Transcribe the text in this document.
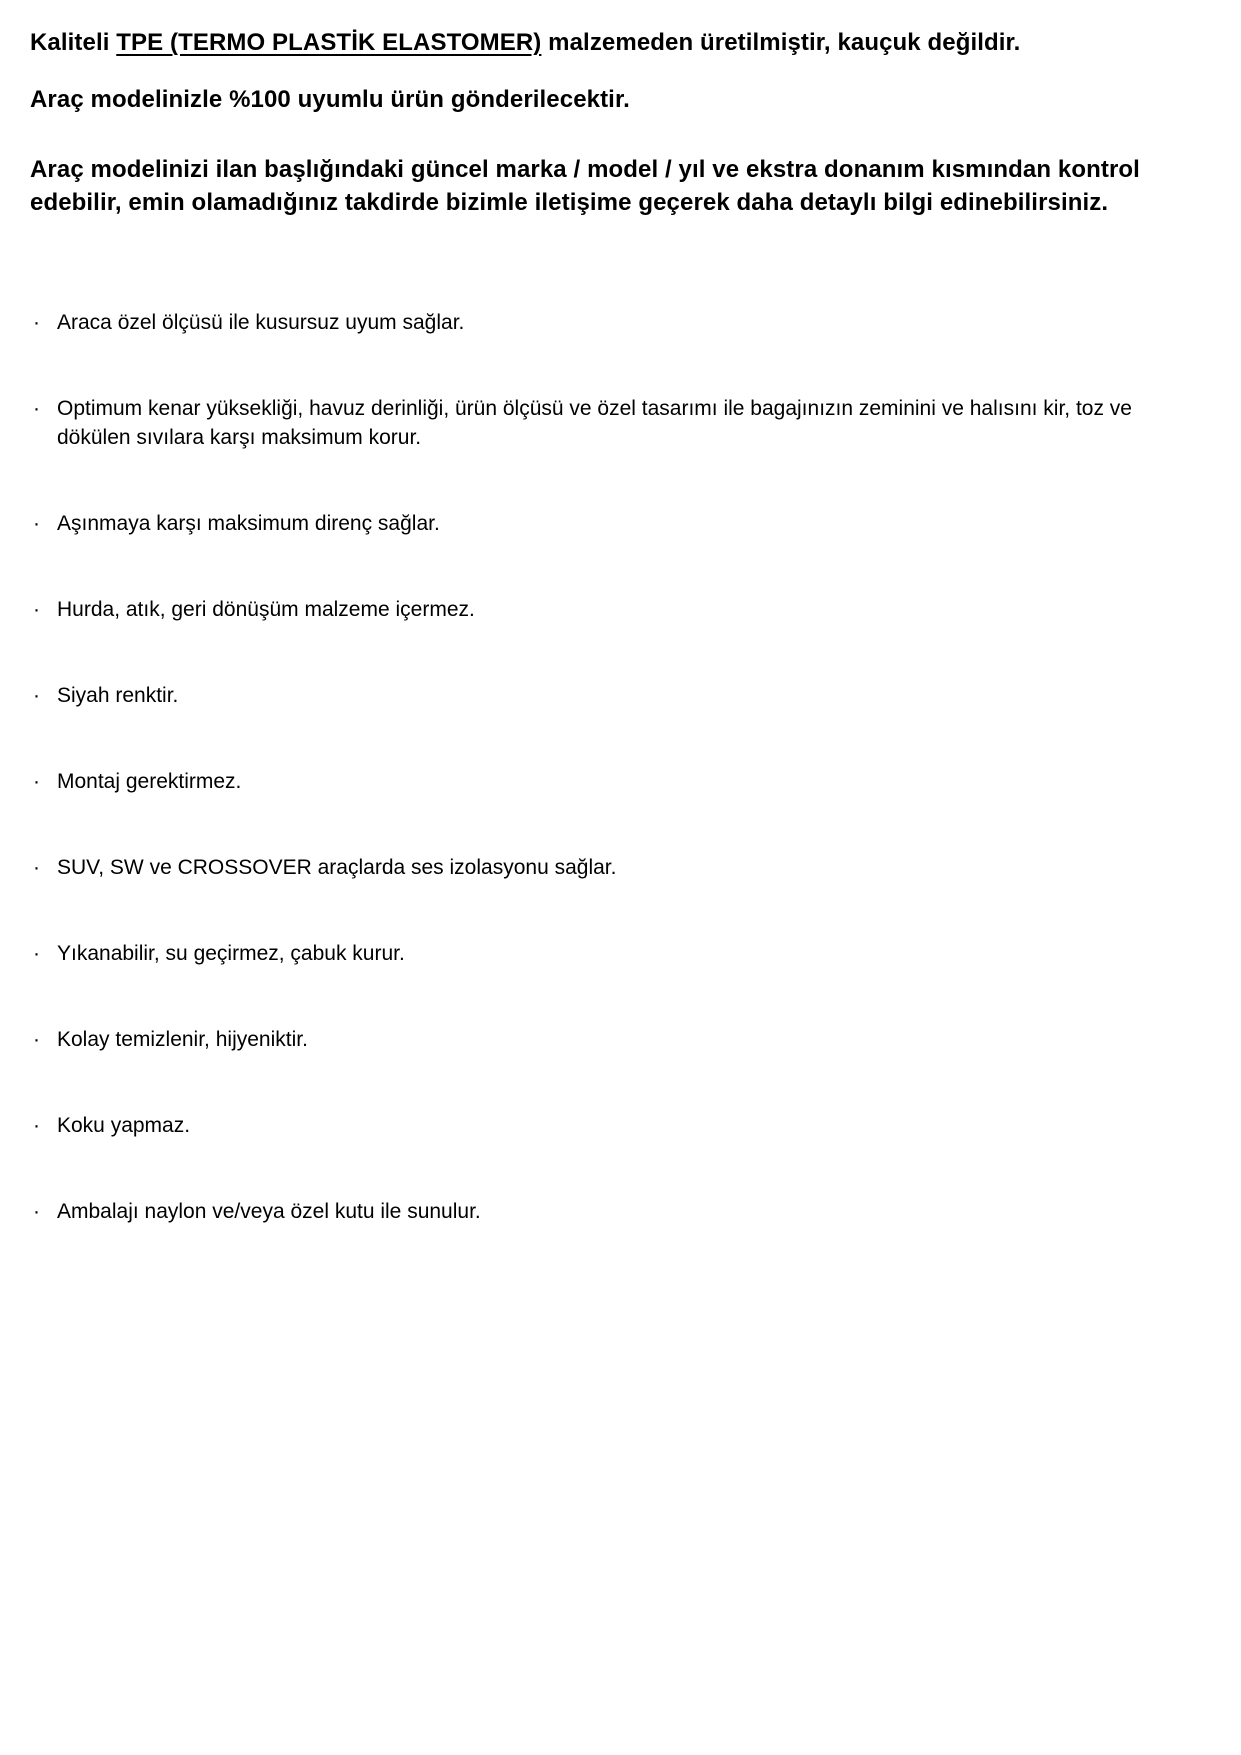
Kaliteli TPE (TERMO PLASTİK ELASTOMER) malzemeden üretilmiştir, kauçuk değildir.

Araç modelinizle %100 uyumlu ürün gönderilecektir.

Araç modelinizi ilan başlığındaki güncel marka / model / yıl ve ekstra donanım kısmından kontrol edebilir, emin olamadığınız takdirde bizimle iletişime geçerek daha detaylı bilgi edinebilirsiniz.

· Araca özel ölçüsü ile kusursuz uyum sağlar.
· Optimum kenar yüksekliği, havuz derinliği, ürün ölçüsü ve özel tasarımı ile bagajınızın zeminini ve halısını kir, toz ve dökülen sıvılara karşı maksimum korur.
· Aşınmaya karşı maksimum direnç sağlar.
· Hurda, atık, geri dönüşüm malzeme içermez.
· Siyah renktir.
· Montaj gerektirmez.
· SUV, SW ve CROSSOVER araçlarda ses izolasyonu sağlar.
· Yıkanabilir, su geçirmez, çabuk kurur.
· Kolay temizlenir, hijyeniktir.
· Koku yapmaz.
· Ambalajı naylon ve/veya özel kutu ile sunulur.
